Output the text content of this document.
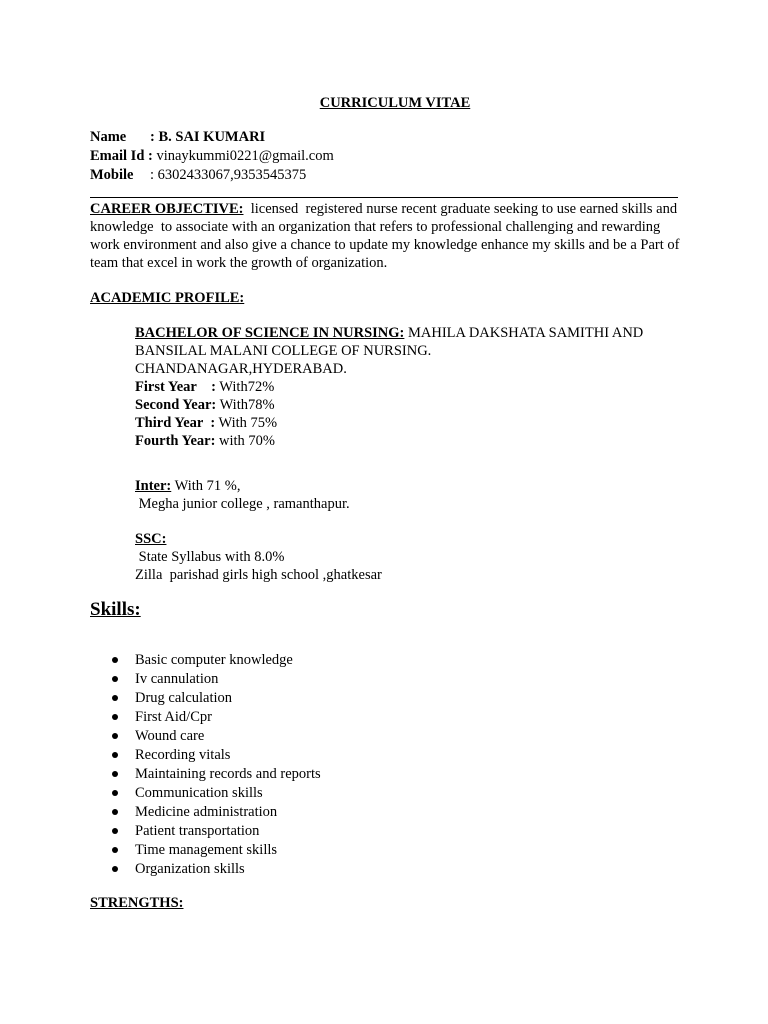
CURRICULUM VITAE
Name : B. SAI KUMARI
Email Id : vinaykummi0221@gmail.com
Mobile : 6302433067,9353545375
CAREER OBJECTIVE:  licensed  registered nurse recent graduate seeking to use earned skills and knowledge  to associate with an organization that refers to professional challenging and rewarding work environment and also give a chance to update my knowledge enhance my skills and be a Part of team that excel in work the growth of organization.
ACADEMIC PROFILE:
BACHELOR OF SCIENCE IN NURSING: MAHILA DAKSHATA SAMITHI AND
BANSILAL MALANI COLLEGE OF NURSING.
CHANDANAGAR,HYDERABAD.
First Year    : With72%
Second Year: With78%
Third Year  : With 75%
Fourth Year: with 70%
Inter: With 71 %,
Megha junior college , ramanthapur.
SSC:
State Syllabus with 8.0%
Zilla  parishad girls high school ,ghatkesar
Skills:
Basic computer knowledge
Iv cannulation
Drug calculation
First Aid/Cpr
Wound care
Recording vitals
Maintaining records and reports
Communication skills
Medicine administration
Patient transportation
Time management skills
Organization skills
STRENGTHS:
